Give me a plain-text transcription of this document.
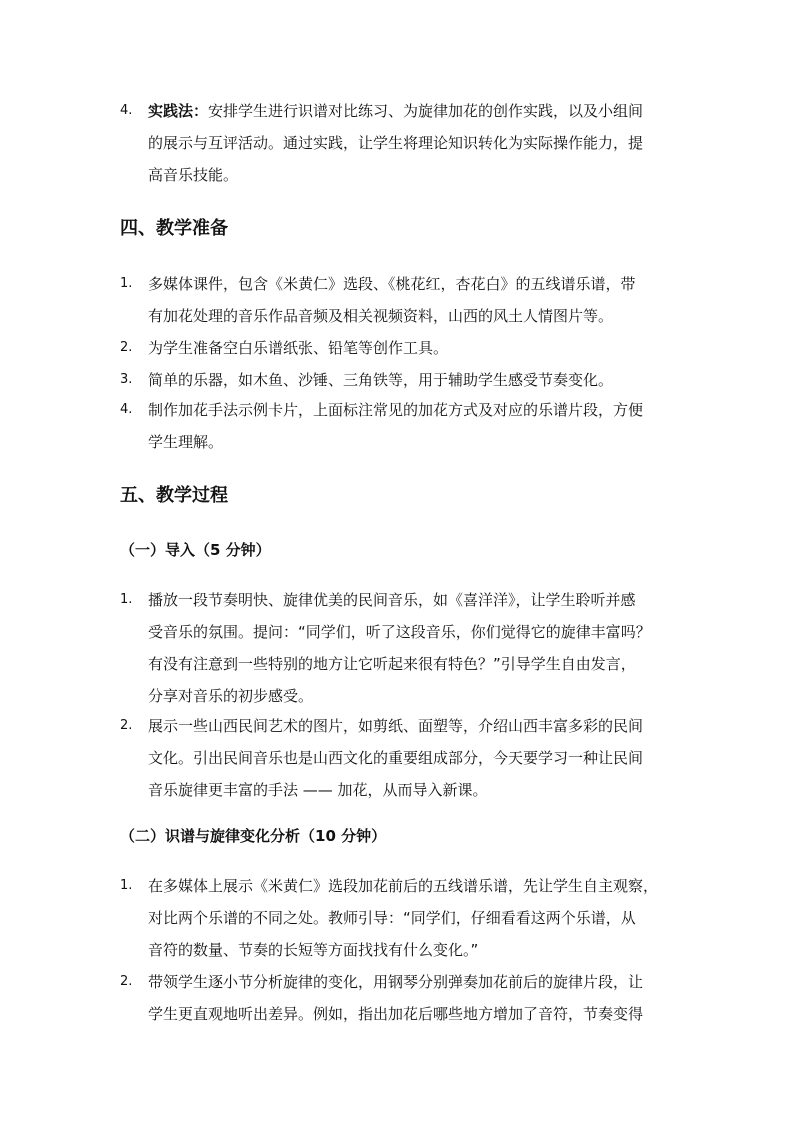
4.	实践法：安排学生进行识谱对比练习、为旋律加花的创作实践，以及小组间
的展示与互评活动。通过实践，让学生将理论知识转化为实际操作能力，提
高音乐技能。
四、教学准备
1.	多媒体课件，包含《米黄仁》选段、《桃花红，杏花白》的五线谱乐谱，带
有加花处理的音乐作品音频及相关视频资料，山西的风土人情图片等。
2.	为学生准备空白乐谱纸张、铅笔等创作工具。
3.	简单的乐器，如木鱼、沙锤、三角铁等，用于辅助学生感受节奏变化。
4.	制作加花手法示例卡片，上面标注常见的加花方式及对应的乐谱片段，方便
学生理解。
五、教学过程
（一）导入（5 分钟）
1.	播放一段节奏明快、旋律优美的民间音乐，如《喜洋洋》，让学生聆听并感
受音乐的氛围。提问：“同学们，听了这段音乐，你们觉得它的旋律丰富吗？
有没有注意到一些特别的地方让它听起来很有特色？”引导学生自由发言，
分享对音乐的初步感受。
2.	展示一些山西民间艺术的图片，如剪纸、面塑等，介绍山西丰富多彩的民间
文化。引出民间音乐也是山西文化的重要组成部分，今天要学习一种让民间
音乐旋律更丰富的手法 —— 加花，从而导入新课。
（二）识谱与旋律变化分析（10 分钟）
1.	在多媒体上展示《米黄仁》选段加花前后的五线谱乐谱，先让学生自主观察，
对比两个乐谱的不同之处。教师引导：“同学们，仔细看看这两个乐谱，从
音符的数量、节奏的长短等方面找找有什么变化。”
2.	带领学生逐小节分析旋律的变化，用钢琴分别弹奏加花前后的旋律片段，让
学生更直观地听出差异。例如，指出加花后哪些地方增加了音符，节奏变得
